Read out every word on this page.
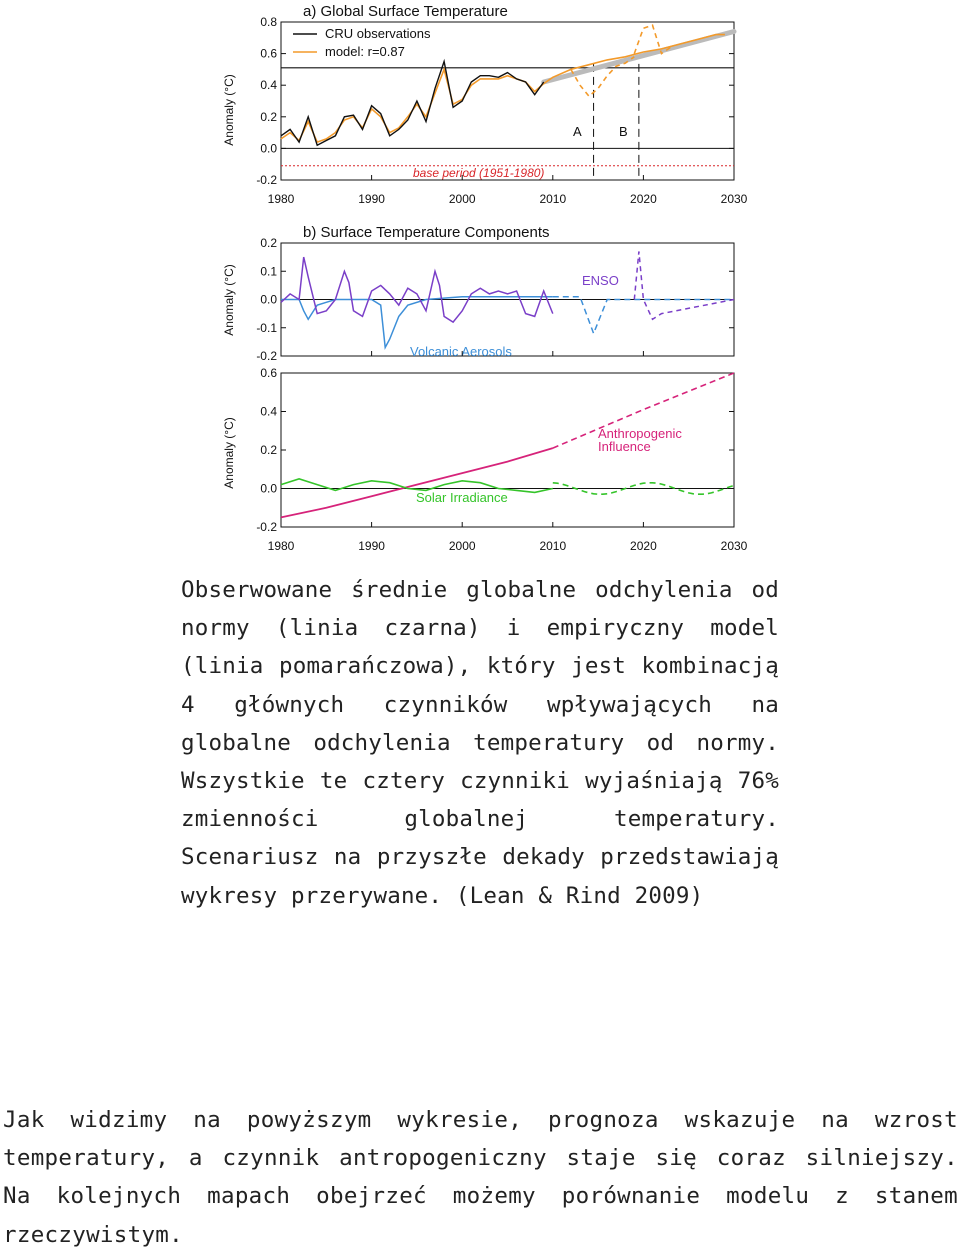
a) Global Surface Temperature
Anomaly (°C)
CRU observations
model: r=0.87
A	B
base period (1951-1980)
-0.2
0.0
0.2
0.4
0.6
0.8
1980	1990	2000	2010	2020	2030
b) Surface Temperature Components
Anomaly (°C)	ENSO
Volcanic Aerosols
-0.2
-0.1
0.0
0.1
0.2
Anomaly (°C)	Anthropogenic
Influence
Solar Irradiance
-0.2
0.0
0.2
0.4
0.6
1980	1990	2000	2010	2020	2030

Obserwowane średnie globalne odchylenia od normy (linia czarna) i empiryczny model (linia pomarańczowa), który jest kombinacją 4 głównych czynników wpływających na globalne odchylenia temperatury od normy. Wszystkie te cztery czynniki wyjaśniają 76% zmienności globalnej temperatury. Scenariusz na przyszłe dekady przedstawiają wykresy przerywane. (Lean & Rind 2009)

Jak widzimy na powyższym wykresie, prognoza wskazuje na wzrost temperatury, a czynnik antropogeniczny staje się coraz silniejszy. Na kolejnych mapach obejrzeć możemy porównanie modelu z stanem rzeczywistym.
